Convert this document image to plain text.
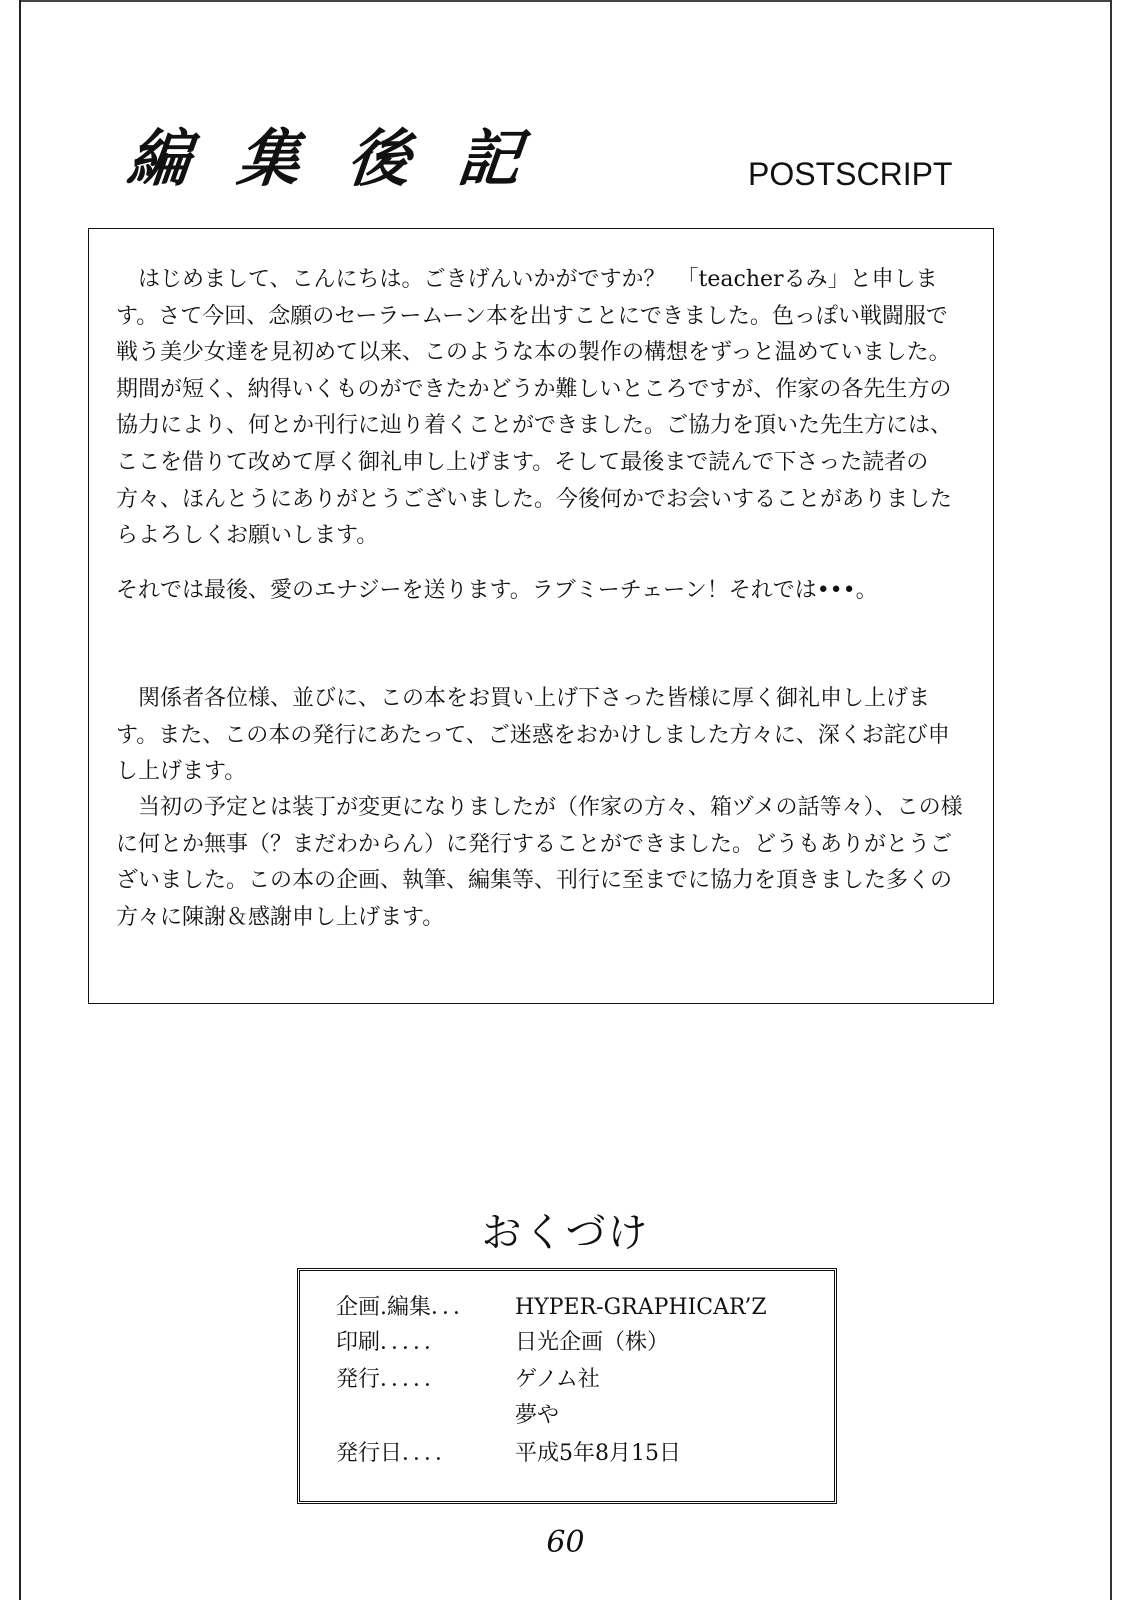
編集後記	POSTSCRIPT

はじめまして、こんにちは。ごきげんいかがですか？　「teacherるみ」と申します。さて今回、念願のセーラームーン本を出すことにできました。色っぽい戦闘服で戦う美少女達を見初めて以来、このような本の製作の構想をずっと温めていました。期間が短く、納得いくものができたかどうか難しいところですが、作家の各先生方の協力により、何とか刊行に辿り着くことができました。ご協力を頂いた先生方には、ここを借りて改めて厚く御礼申し上げます。そして最後まで読んで下さった読者の方々、ほんとうにありがとうございました。今後何かでお会いすることがありましたらよろしくお願いします。

それでは最後、愛のエナジーを送ります。ラブミーチェーン！それでは•••。

関係者各位様、並びに、この本をお買い上げ下さった皆様に厚く御礼申し上げます。また、この本の発行にあたって、ご迷惑をおかけしました方々に、深くお詫び申し上げます。

当初の予定とは装丁が変更になりましたが（作家の方々、箱ヅメの話等々）、この様に何とか無事（？まだわからん）に発行することができました。どうもありがとうございました。この本の企画、執筆、編集等、刊行に至までに協力を頂きました多くの方々に陳謝＆感謝申し上げます。

おくづけ
企画.編集．．． HYPER-GRAPHICAR’Z
印刷．．．．．	日光企画（株）
発行．．．．．	ゲノム社
夢や
発行日．．．．	平成5年8月15日
60
